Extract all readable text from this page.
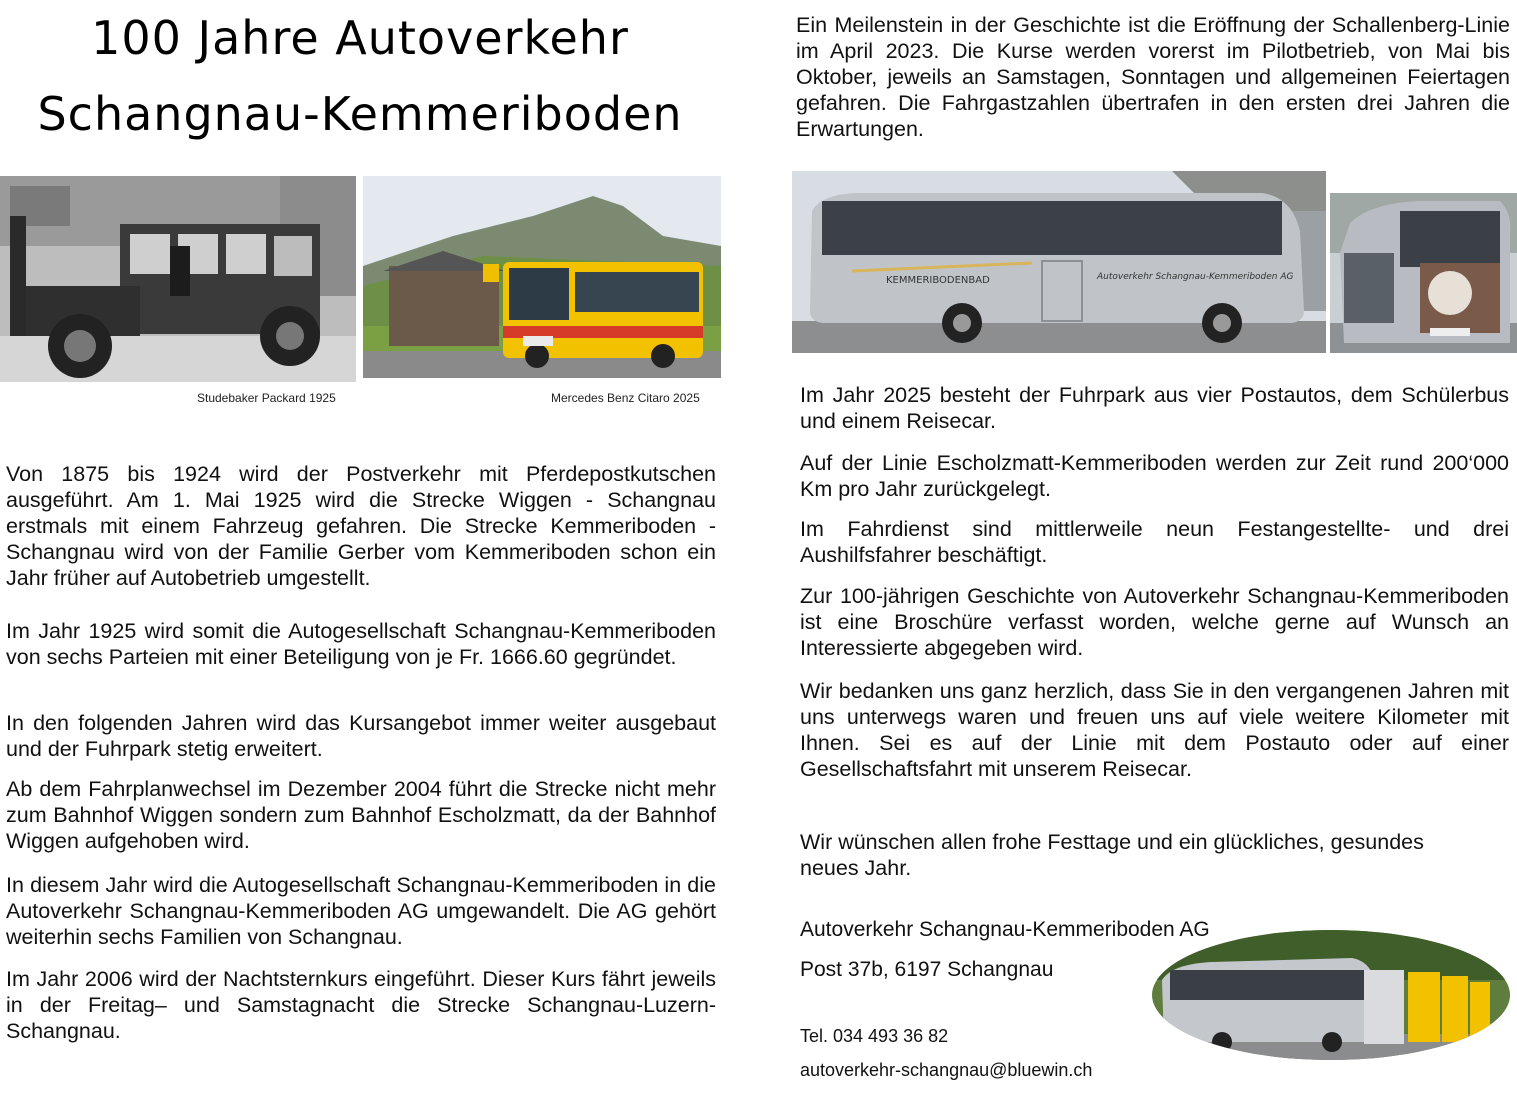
100 Jahre Autoverkehr
Schangnau-Kemmeriboden
Studebaker Packard 1925	Mercedes Benz Citaro 2025
Von 1875 bis 1924 wird der Postverkehr mit Pferdepostkutschen ausgeführt. Am 1. Mai 1925 wird die Strecke Wiggen - Schangnau erstmals mit einem Fahrzeug gefahren. Die Strecke Kemmeriboden - Schangnau wird von der Familie Gerber vom Kemmeriboden schon ein Jahr früher auf Autobetrieb umgestellt.
Im Jahr 1925 wird somit die Autogesellschaft Schangnau-Kemmeriboden von sechs Parteien mit einer Beteiligung von je Fr. 1666.60 gegründet.
In den folgenden Jahren wird das Kursangebot immer weiter ausgebaut und der Fuhrpark stetig erweitert.
Ab dem Fahrplanwechsel im Dezember 2004 führt die Strecke nicht mehr zum Bahnhof Wiggen sondern zum Bahnhof Escholzmatt, da der Bahnhof Wiggen aufgehoben wird.
In diesem Jahr wird die Autogesellschaft Schangnau-Kemmeriboden in die Autoverkehr Schangnau-Kemmeriboden AG umgewandelt. Die AG gehört weiterhin sechs Familien von Schangnau.
Im Jahr 2006 wird der Nachtsternkurs eingeführt. Dieser Kurs fährt jeweils in der Freitag– und Samstagnacht die Strecke Schangnau-Luzern-Schangnau.
Ein Meilenstein in der Geschichte ist die Eröffnung der Schallenberg-Linie im April 2023. Die Kurse werden vorerst im Pilotbetrieb, von Mai bis Oktober, jeweils an Samstagen, Sonntagen und allgemeinen Feiertagen gefahren. Die Fahrgastzahlen übertrafen in den ersten drei Jahren die Erwartungen.
KEMMERIBODENBAD	Autoverkehr Schangnau-Kemmeriboden AG
Im Jahr 2025 besteht der Fuhrpark aus vier Postautos, dem Schülerbus und einem Reisecar.
Auf der Linie Escholzmatt-Kemmeriboden werden zur Zeit rund 200‘000 Km pro Jahr zurückgelegt.
Im Fahrdienst sind mittlerweile neun Festangestellte- und drei Aushilfsfahrer beschäftigt.
Zur 100-jährigen Geschichte von Autoverkehr Schangnau-Kemmeriboden ist eine Broschüre verfasst worden, welche gerne auf Wunsch an Interessierte abgegeben wird.
Wir bedanken uns ganz herzlich, dass Sie in den vergangenen Jahren mit uns unterwegs waren und freuen uns auf viele weitere Kilometer mit Ihnen. Sei es auf der Linie mit dem Postauto oder auf einer Gesellschaftsfahrt mit unserem Reisecar.
Wir wünschen allen frohe Festtage und ein glückliches, gesundes neues Jahr.
Autoverkehr Schangnau-Kemmeriboden AG
Post 37b, 6197 Schangnau
Tel. 034 493 36 82
autoverkehr-schangnau@bluewin.ch
